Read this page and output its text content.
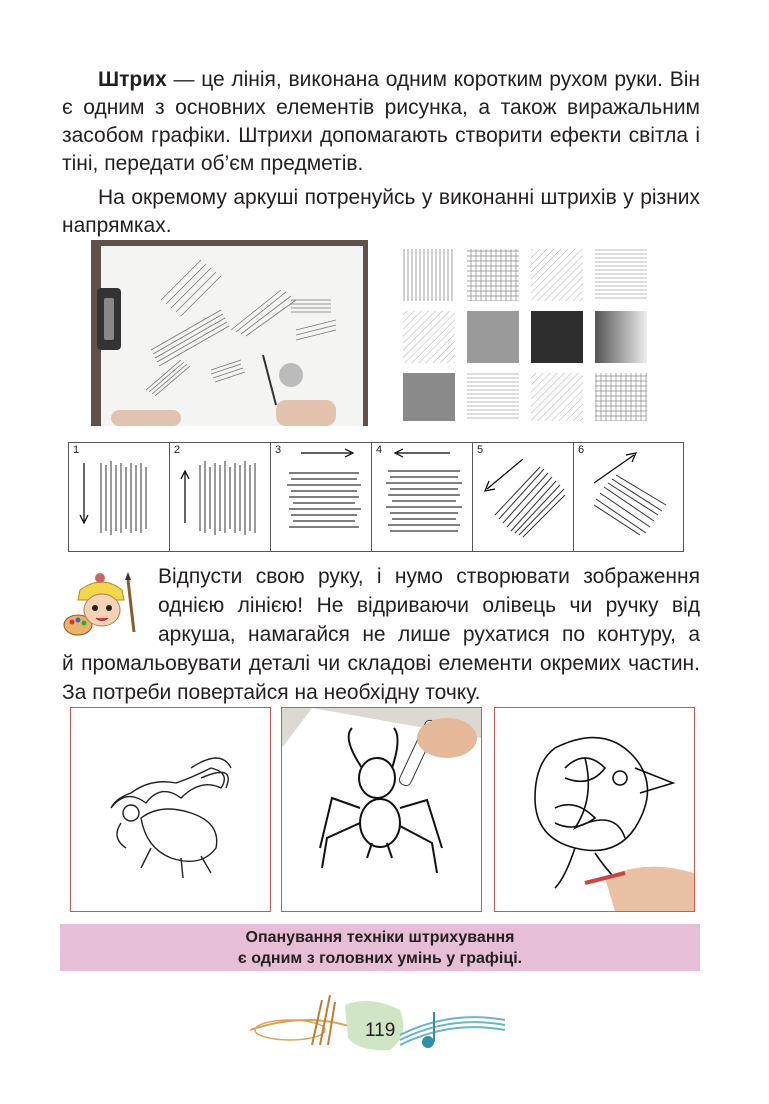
Штрих — це лінія, виконана одним коротким рухом руки. Він є одним з основних елементів рисунка, а також виражальним засобом графіки. Штрихи допомагають створити ефекти світла і тіні, передати об’єм предметів.

На окремому аркуші потренуйсь у виконанні штрихів у різних напрямках.

1	2	3	4	5	6
Відпусти свою руку, і нумо створювати зображення
однією лінією! Не відриваючи олівець чи ручку від
аркуша, намагайся не лише рухатися по контуру, а

й промальовувати деталі чи складові елементи окремих частин. За потреби повертайся на необхідну точку.

Опанування техніки штрихування
є одним з головних умінь у графіці.
119
